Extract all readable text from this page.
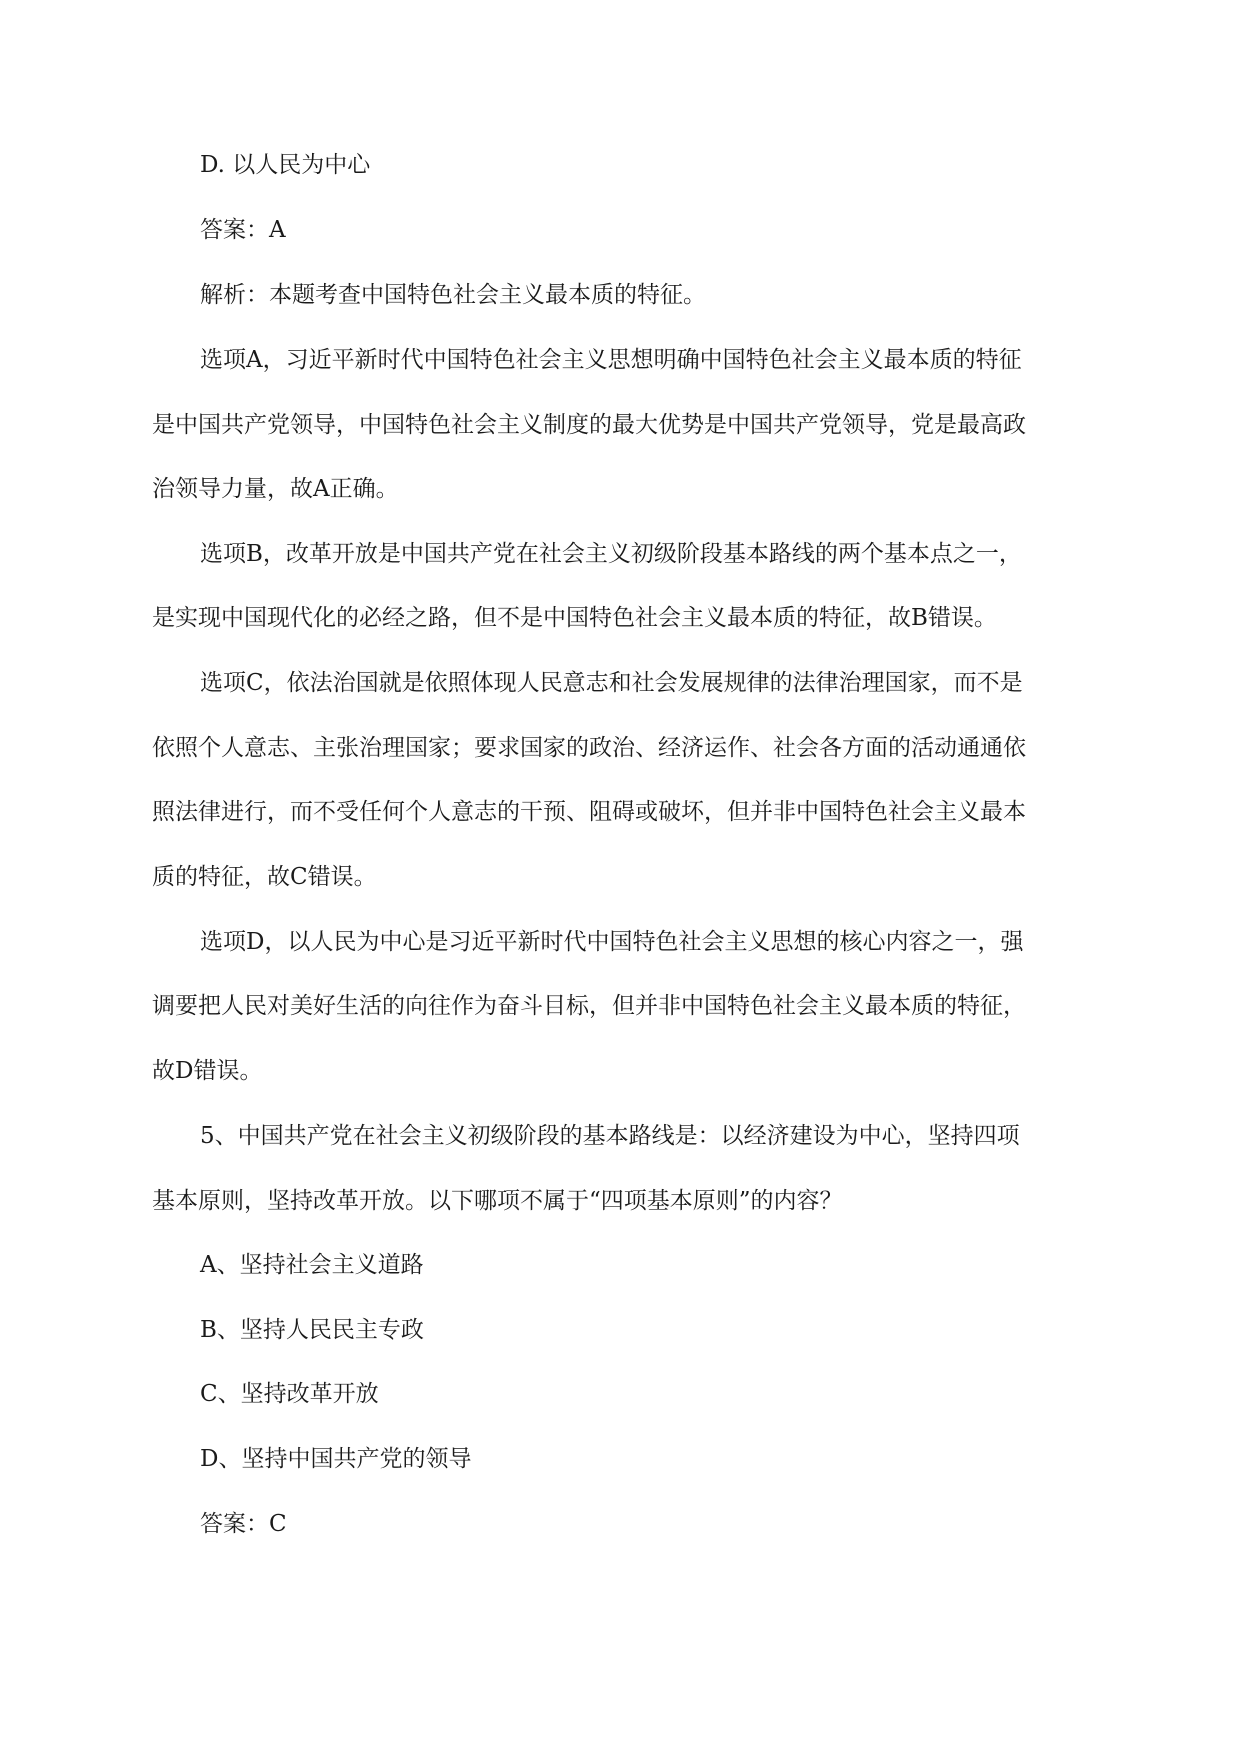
D. 以人民为中心

答案：A

解析：本题考查中国特色社会主义最本质的特征。

选项A，习近平新时代中国特色社会主义思想明确中国特色社会主义最本质的特征

是中国共产党领导，中国特色社会主义制度的最大优势是中国共产党领导，党是最高政

治领导力量，故A正确。

选项B，改革开放是中国共产党在社会主义初级阶段基本路线的两个基本点之一，

是实现中国现代化的必经之路，但不是中国特色社会主义最本质的特征，故B错误。

选项C，依法治国就是依照体现人民意志和社会发展规律的法律治理国家，而不是

依照个人意志、主张治理国家；要求国家的政治、经济运作、社会各方面的活动通通依

照法律进行，而不受任何个人意志的干预、阻碍或破坏，但并非中国特色社会主义最本

质的特征，故C错误。

选项D，以人民为中心是习近平新时代中国特色社会主义思想的核心内容之一，强

调要把人民对美好生活的向往作为奋斗目标，但并非中国特色社会主义最本质的特征，

故D错误。

5、中国共产党在社会主义初级阶段的基本路线是：以经济建设为中心，坚持四项

基本原则，坚持改革开放。以下哪项不属于“四项基本原则”的内容？

A、坚持社会主义道路

B、坚持人民民主专政

C、坚持改革开放

D、坚持中国共产党的领导

答案：C
